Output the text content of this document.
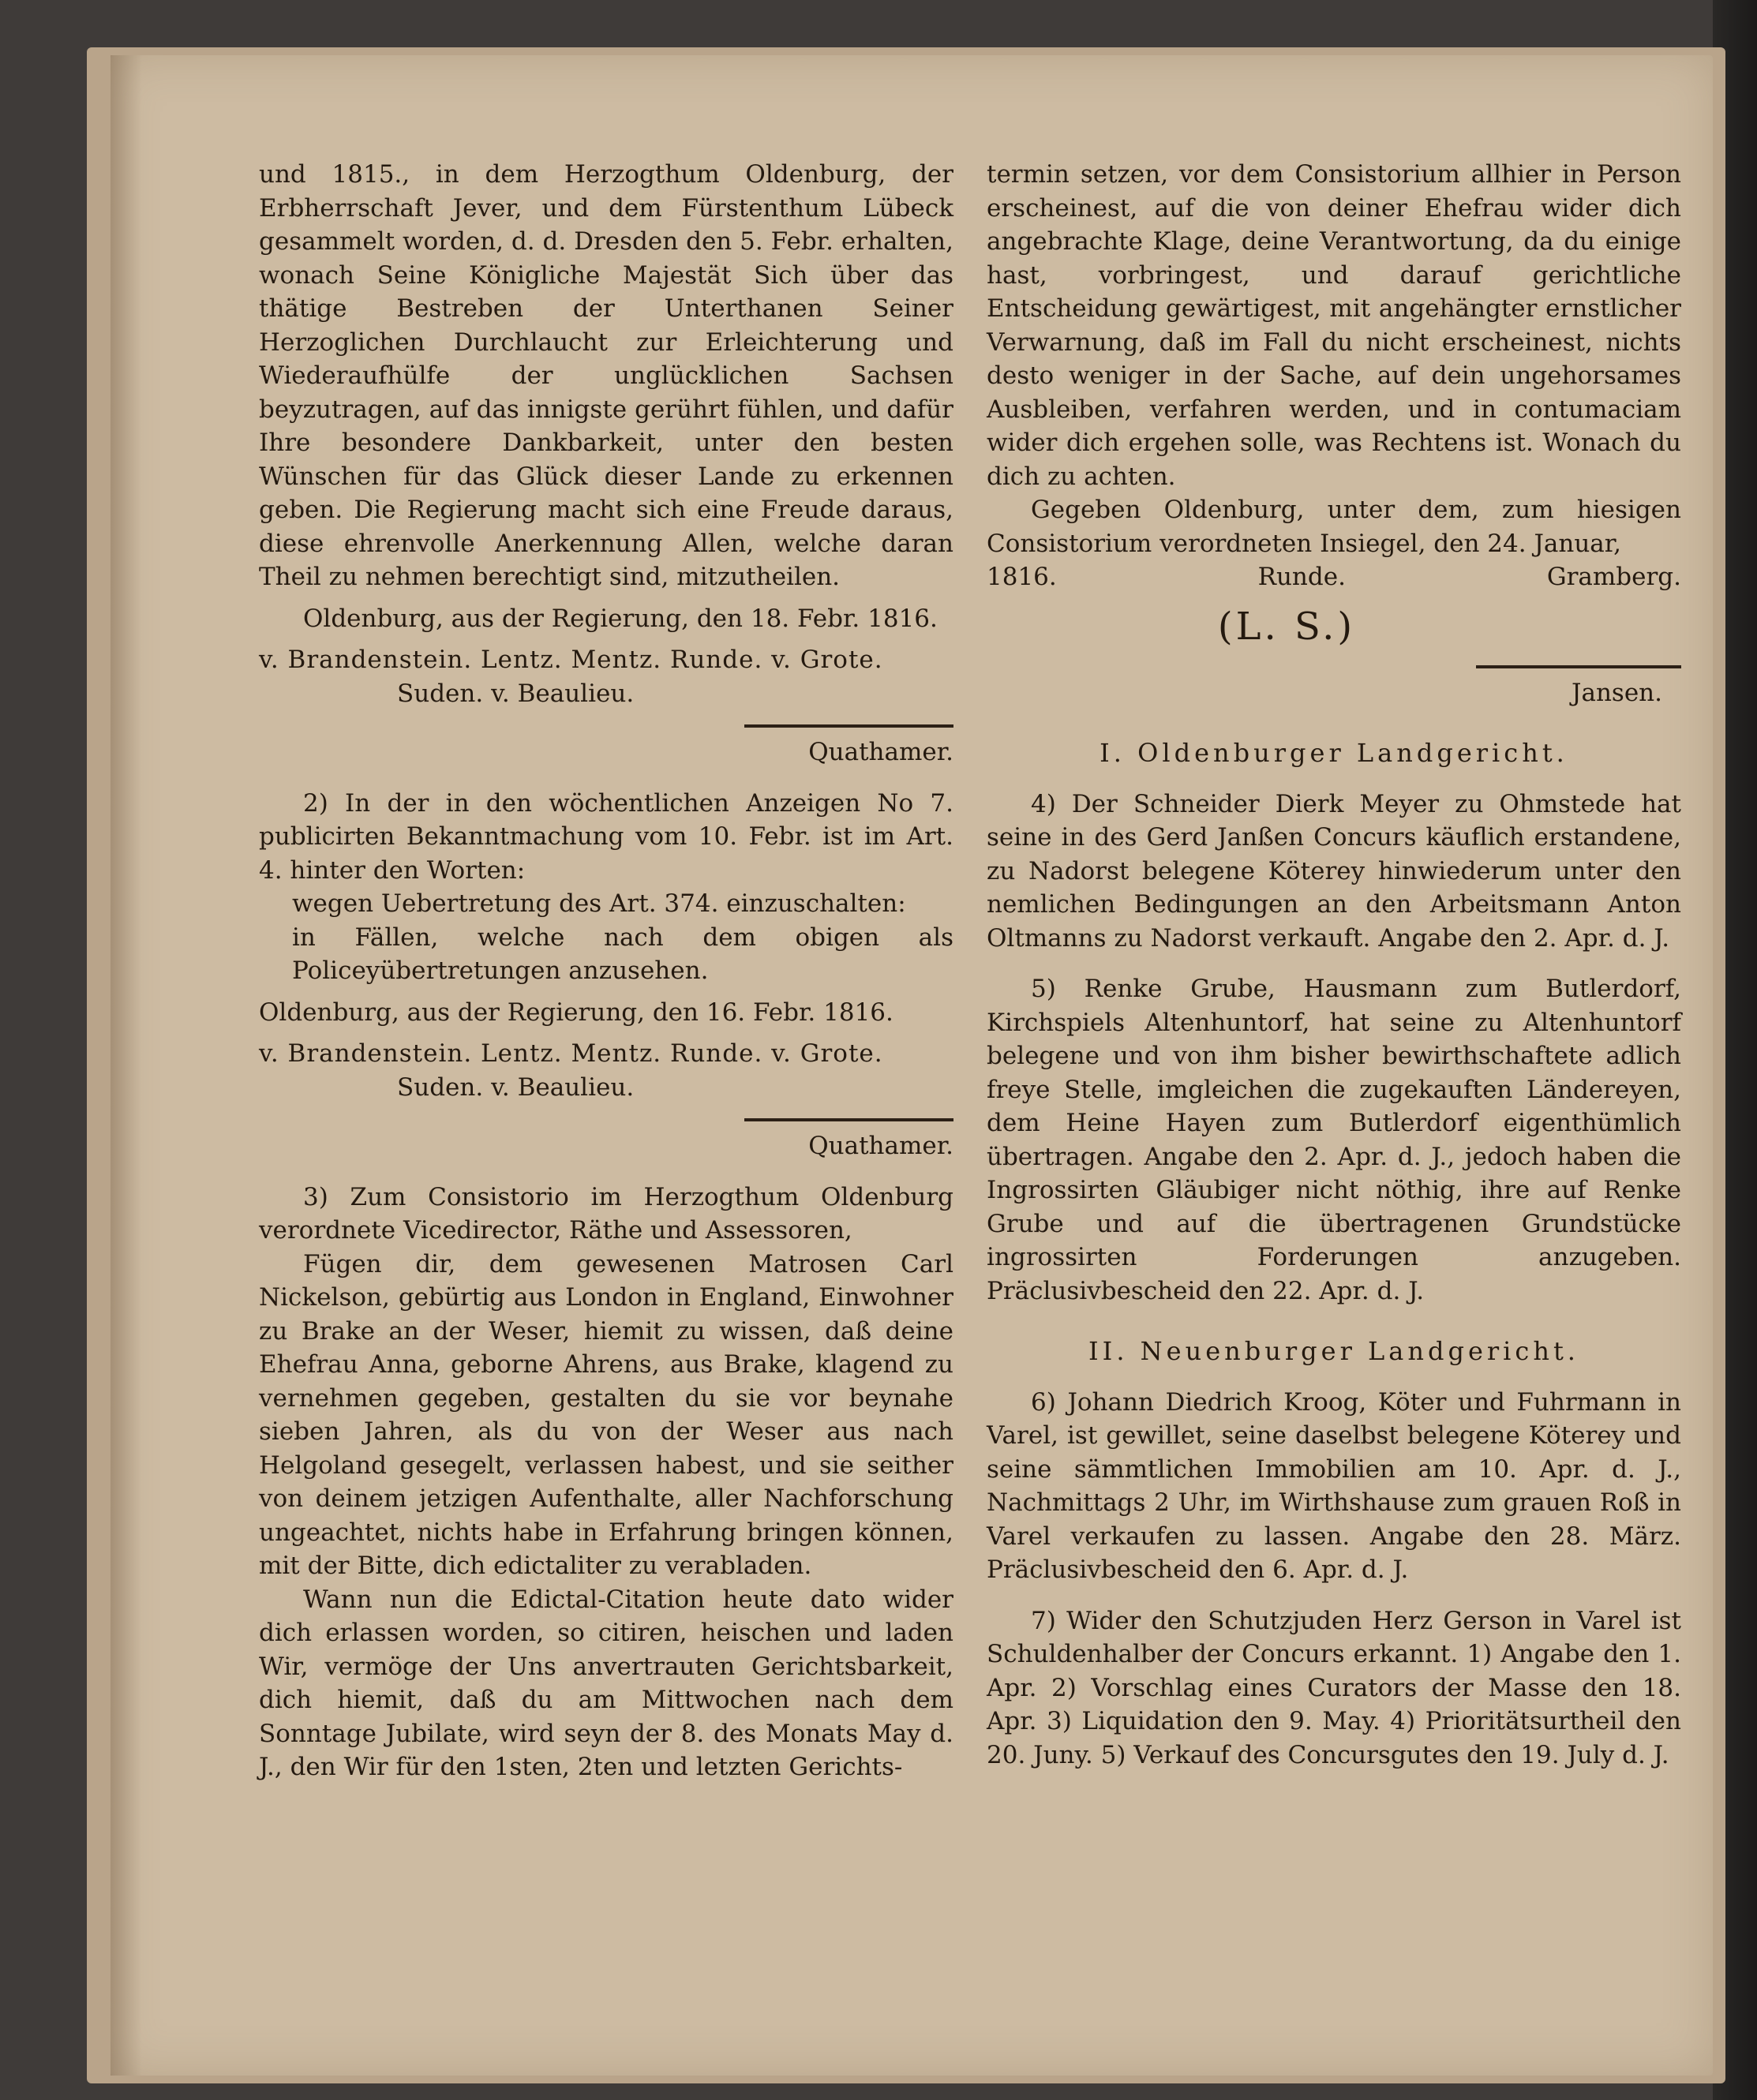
und 1815., in dem Herzogthum Oldenburg, der Erbherrschaft Jever, und dem Fürstenthum Lübeck gesammelt worden, d. d. Dresden den 5. Febr. erhalten, wonach Seine Königliche Majestät Sich über das thätige Bestreben der Unterthanen Seiner Herzoglichen Durchlaucht zur Erleichterung und Wiederaufhülfe der unglücklichen Sachsen beyzutragen, auf das innigste gerührt fühlen, und dafür Ihre besondere Dankbarkeit, unter den besten Wünschen für das Glück dieser Lande zu erkennen geben. Die Regierung macht sich eine Freude daraus, diese ehrenvolle Anerkennung Allen, welche daran Theil zu nehmen berechtigt sind, mitzutheilen.

Oldenburg, aus der Regierung, den 18. Febr. 1816.

v. Brandenstein. Lentz. Mentz. Runde. v. Grote.

Suden. v. Beaulieu.

Quathamer.

2) In der in den wöchentlichen Anzeigen No 7. publicirten Bekanntmachung vom 10. Febr. ist im Art. 4. hinter den Worten:

wegen Uebertretung des Art. 374. einzuschalten:

in Fällen, welche nach dem obigen als Policeyübertretungen anzusehen.

Oldenburg, aus der Regierung, den 16. Febr. 1816.

v. Brandenstein. Lentz. Mentz. Runde. v. Grote.

Suden. v. Beaulieu.

Quathamer.

3) Zum Consistorio im Herzogthum Oldenburg verordnete Vicedirector, Räthe und Assessoren,

Fügen dir, dem gewesenen Matrosen Carl Nickelson, gebürtig aus London in England, Einwohner zu Brake an der Weser, hiemit zu wissen, daß deine Ehefrau Anna, geborne Ahrens, aus Brake, klagend zu vernehmen gegeben, gestalten du sie vor beynahe sieben Jahren, als du von der Weser aus nach Helgoland gesegelt, verlassen habest, und sie seither von deinem jetzigen Aufenthalte, aller Nachforschung ungeachtet, nichts habe in Erfahrung bringen können, mit der Bitte, dich edictaliter zu verabladen.

Wann nun die Edictal-Citation heute dato wider dich erlassen worden, so citiren, heischen und laden Wir, vermöge der Uns anvertrauten Gerichtsbarkeit, dich hiemit, daß du am Mittwochen nach dem Sonntage Jubilate, wird seyn der 8. des Monats May d. J., den Wir für den 1sten, 2ten und letzten Gerichts-

termin setzen, vor dem Consistorium allhier in Person erscheinest, auf die von deiner Ehefrau wider dich angebrachte Klage, deine Verantwortung, da du einige hast, vorbringest, und darauf gerichtliche Entscheidung gewärtigest, mit angehängter ernstlicher Verwarnung, daß im Fall du nicht erscheinest, nichts desto weniger in der Sache, auf dein ungehorsames Ausbleiben, verfahren werden, und in contumaciam wider dich ergehen solle, was Rechtens ist. Wonach du dich zu achten.

Gegeben Oldenburg, unter dem, zum hiesigen Consistorium verordneten Insiegel, den 24. Januar,

1816.	Runde.	Gramberg.

(L. S.)

Jansen.

I. Oldenburger Landgericht.

4) Der Schneider Dierk Meyer zu Ohmstede hat seine in des Gerd Janßen Concurs käuflich erstandene, zu Nadorst belegene Köterey hinwiederum unter den nemlichen Bedingungen an den Arbeitsmann Anton Oltmanns zu Nadorst verkauft. Angabe den 2. Apr. d. J.

5) Renke Grube, Hausmann zum Butlerdorf, Kirchspiels Altenhuntorf, hat seine zu Altenhuntorf belegene und von ihm bisher bewirthschaftete adlich freye Stelle, imgleichen die zugekauften Ländereyen, dem Heine Hayen zum Butlerdorf eigenthümlich übertragen. Angabe den 2. Apr. d. J., jedoch haben die Ingrossirten Gläubiger nicht nöthig, ihre auf Renke Grube und auf die übertragenen Grundstücke ingrossirten Forderungen anzugeben. Präclusivbescheid den 22. Apr. d. J.

II. Neuenburger Landgericht.

6) Johann Diedrich Kroog, Köter und Fuhrmann in Varel, ist gewillet, seine daselbst belegene Köterey und seine sämmtlichen Immobilien am 10. Apr. d. J., Nachmittags 2 Uhr, im Wirthshause zum grauen Roß in Varel verkaufen zu lassen. Angabe den 28. März. Präclusivbescheid den 6. Apr. d. J.

7) Wider den Schutzjuden Herz Gerson in Varel ist Schuldenhalber der Concurs erkannt. 1) Angabe den 1. Apr. 2) Vorschlag eines Curators der Masse den 18. Apr. 3) Liquidation den 9. May. 4) Prioritätsurtheil den 20. Juny. 5) Verkauf des Concursgutes den 19. July d. J.
